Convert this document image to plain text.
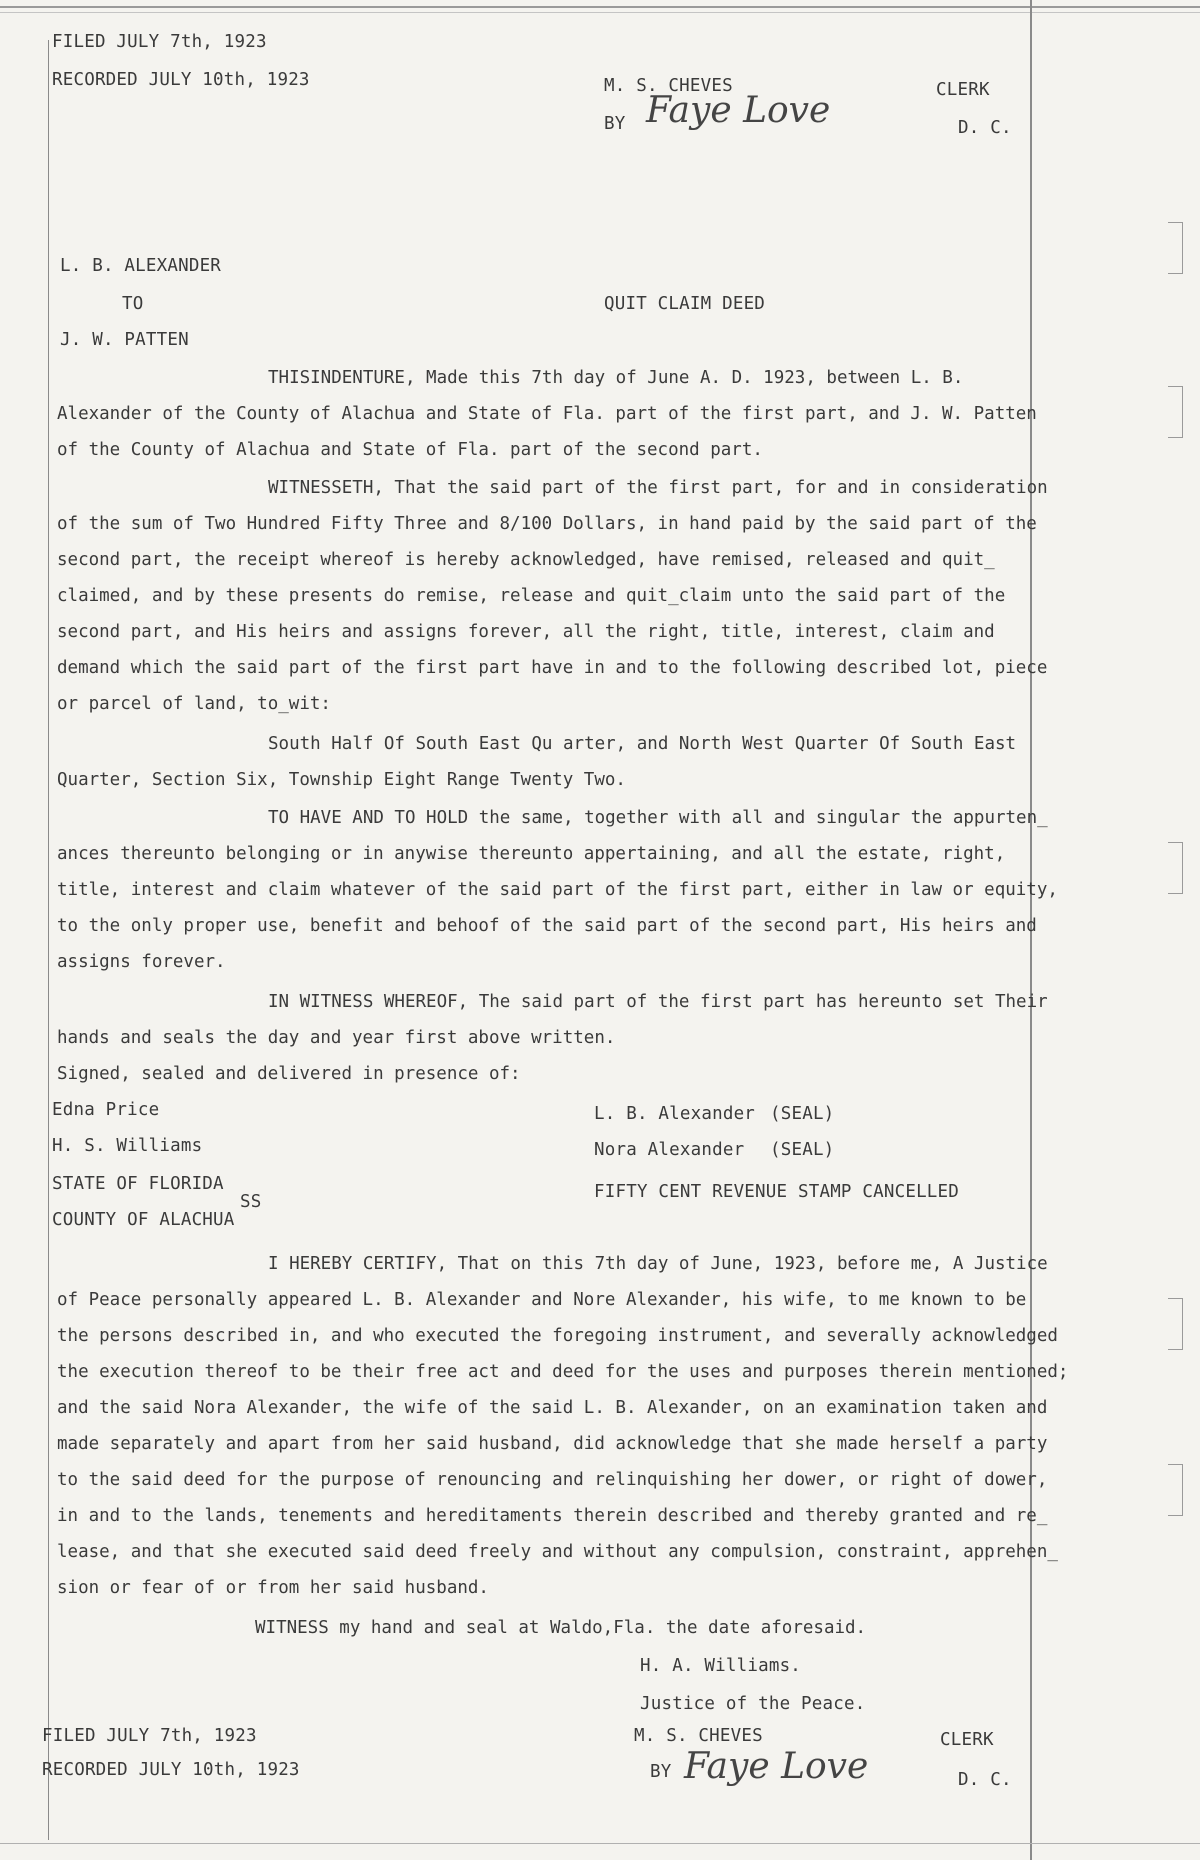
FILED JULY 7th, 1923
RECORDED JULY 10th, 1923	M. S. CHEVES	CLERK
BY Faye Love	D. C.
L. B. ALEXANDER
TO	QUIT CLAIM DEED
J. W. PATTEN
THISINDENTURE, Made this 7th day of June A. D. 1923, between L. B.
Alexander of the County of Alachua and State of Fla. part of the first part, and J. W. Patten
of the County of Alachua and State of Fla. part of the second part.
WITNESSETH, That the said part of the first part, for and in consideration
of the sum of Two Hundred Fifty Three and 8/100 Dollars, in hand paid by the said part of the
second part, the receipt whereof is hereby acknowledged, have remised, released and quit_
claimed, and by these presents do remise, release and quit_claim unto the said part of the
second part, and His heirs and assigns forever, all the right, title, interest, claim and
demand which the said part of the first part have in and to the following described lot, piece
or parcel of land, to_wit:
South Half Of South East Qu arter, and North West Quarter Of South East
Quarter, Section Six, Township Eight Range Twenty Two.
TO HAVE AND TO HOLD the same, together with all and singular the appurten_
ances thereunto belonging or in anywise thereunto appertaining, and all the estate, right,
title, interest and claim whatever of the said part of the first part, either in law or equity,
to the only proper use, benefit and behoof of the said part of the second part, His heirs and
assigns forever.
IN WITNESS WHEREOF, The said part of the first part has hereunto set Their
hands and seals the day and year first above written.
Signed, sealed and delivered in presence of:
Edna Price
H. S. Williams
L. B. Alexander (SEAL)
Nora Alexander (SEAL)
STATE OF FLORIDA
SS
COUNTY OF ALACHUA
FIFTY CENT REVENUE STAMP CANCELLED
I HEREBY CERTIFY, That on this 7th day of June, 1923, before me, A Justice
of Peace personally appeared L. B. Alexander and Nore Alexander, his wife, to me known to be
the persons described in, and who executed the foregoing instrument, and severally acknowledged
the execution thereof to be their free act and deed for the uses and purposes therein mentioned;
and the said Nora Alexander, the wife of the said L. B. Alexander, on an examination taken and
made separately and apart from her said husband, did acknowledge that she made herself a party
to the said deed for the purpose of renouncing and relinquishing her dower, or right of dower,
in and to the lands, tenements and hereditaments therein described and thereby granted and re_
lease, and that she executed said deed freely and without any compulsion, constraint, apprehen_
sion or fear of or from her said husband.
WITNESS my hand and seal at Waldo,Fla. the date aforesaid.
H. A. Williams.
Justice of the Peace.
FILED JULY 7th, 1923
RECORDED JULY 10th, 1923
M. S. CHEVES	CLERK
BY Faye Love	D. C.
